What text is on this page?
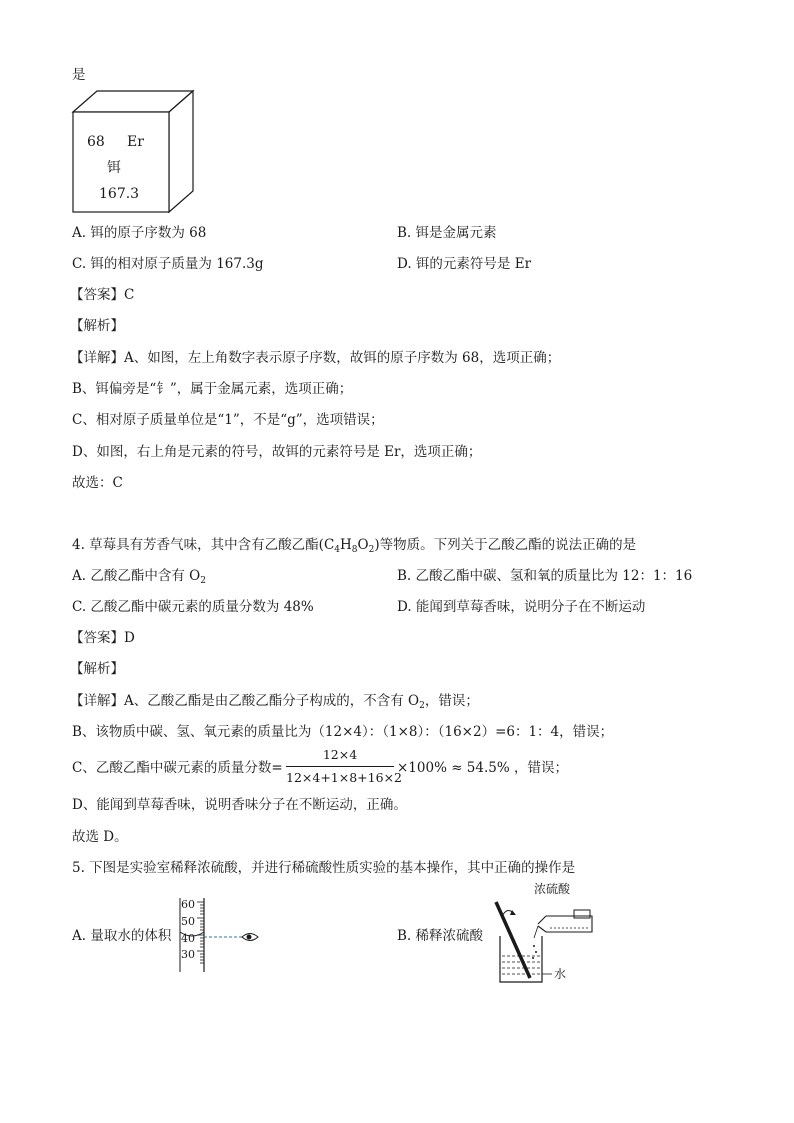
是
68 Er
铒
167.3
A. 铒的原子序数为 68	B. 铒是金属元素
C. 铒的相对原子质量为 167.3g	D. 铒的元素符号是 Er
【答案】C
【解析】
【详解】A、如图，左上角数字表示原子序数，故铒的原子序数为 68，选项正确；
B、铒偏旁是“钅”，属于金属元素，选项正确；
C、相对原子质量单位是“1”，不是“g”，选项错误；
D、如图，右上角是元素的符号，故铒的元素符号是 Er，选项正确；
故选：C
4. 草莓具有芳香气味，其中含有乙酸乙酯$(C_4H_8O_2)$等物质。下列关于乙酸乙酯的说法正确的是
A. 乙酸乙酯中含有 $O_2$	B. 乙酸乙酯中碳、氢和氧的质量比为 12：1：16
C. 乙酸乙酯中碳元素的质量分数为 48%	D. 能闻到草莓香味，说明分子在不断运动
【答案】D
【解析】
【详解】A、乙酸乙酯是由乙酸乙酯分子构成的，不含有 $O_2$，错误；
B、该物质中碳、氢、氧元素的质量比为（12×4）：（1×8）：（16×2）=6：1：4，错误；
C、乙酸乙酯中碳元素的质量分数=
12×4
12×4+1×8+16×2
×100% ≈ 54.5% ，错误；
D、能闻到草莓香味，说明香味分子在不断运动，正确。
故选 D。
5. 下图是实验室稀释浓硫酸，并进行稀硫酸性质实验的基本操作，其中正确的操作是
A. 量取水的体积	B. 稀释浓硫酸
60
50
40
30
浓硫酸
水
